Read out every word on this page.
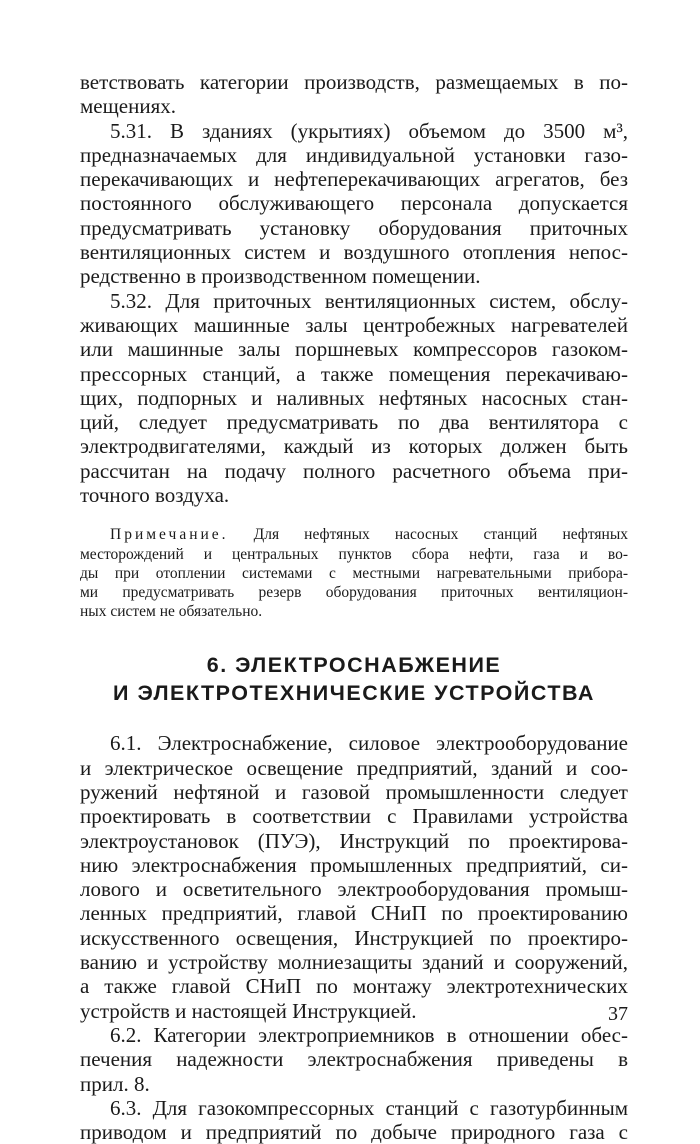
ветствовать категории производств, размещаемых в по-
мещениях.
5.31. В зданиях (укрытиях) объемом до 3500 м³,
предназначаемых для индивидуальной установки газо-
перекачивающих и нефтеперекачивающих агрегатов, без
постоянного обслуживающего персонала допускается
предусматривать установку оборудования приточных
вентиляционных систем и воздушного отопления непос-
редственно в производственном помещении.
5.32. Для приточных вентиляционных систем, обслу-
живающих машинные залы центробежных нагревателей
или машинные залы поршневых компрессоров газоком-
прессорных станций, а также помещения перекачиваю-
щих, подпорных и наливных нефтяных насосных стан-
ций, следует предусматривать по два вентилятора с
электродвигателями, каждый из которых должен быть
рассчитан на подачу полного расчетного объема при-
точного воздуха.
Примечание. Для нефтяных насосных станций нефтяных
месторождений и центральных пунктов сбора нефти, газа и во-
ды при отоплении системами с местными нагревательными прибора-
ми предусматривать резерв оборудования приточных вентиляцион-
ных систем не обязательно.
6. ЭЛЕКТРОСНАБЖЕНИЕ
И ЭЛЕКТРОТЕХНИЧЕСКИЕ УСТРОЙСТВА
6.1. Электроснабжение, силовое электрооборудование
и электрическое освещение предприятий, зданий и соо-
ружений нефтяной и газовой промышленности следует
проектировать в соответствии с Правилами устройства
электроустановок (ПУЭ), Инструкций по проектирова-
нию электроснабжения промышленных предприятий, си-
лового и осветительного электрооборудования промыш-
ленных предприятий, главой СНиП по проектированию
искусственного освещения, Инструкцией по проектиро-
ванию и устройству молниезащиты зданий и сооружений,
а также главой СНиП по монтажу электротехнических
устройств и настоящей Инструкцией.
6.2. Категории электроприемников в отношении обес-
печения надежности электроснабжения приведены в
прил. 8.
6.3. Для газокомпрессорных станций с газотурбинным
приводом и предприятий по добыче природного газа с
37
